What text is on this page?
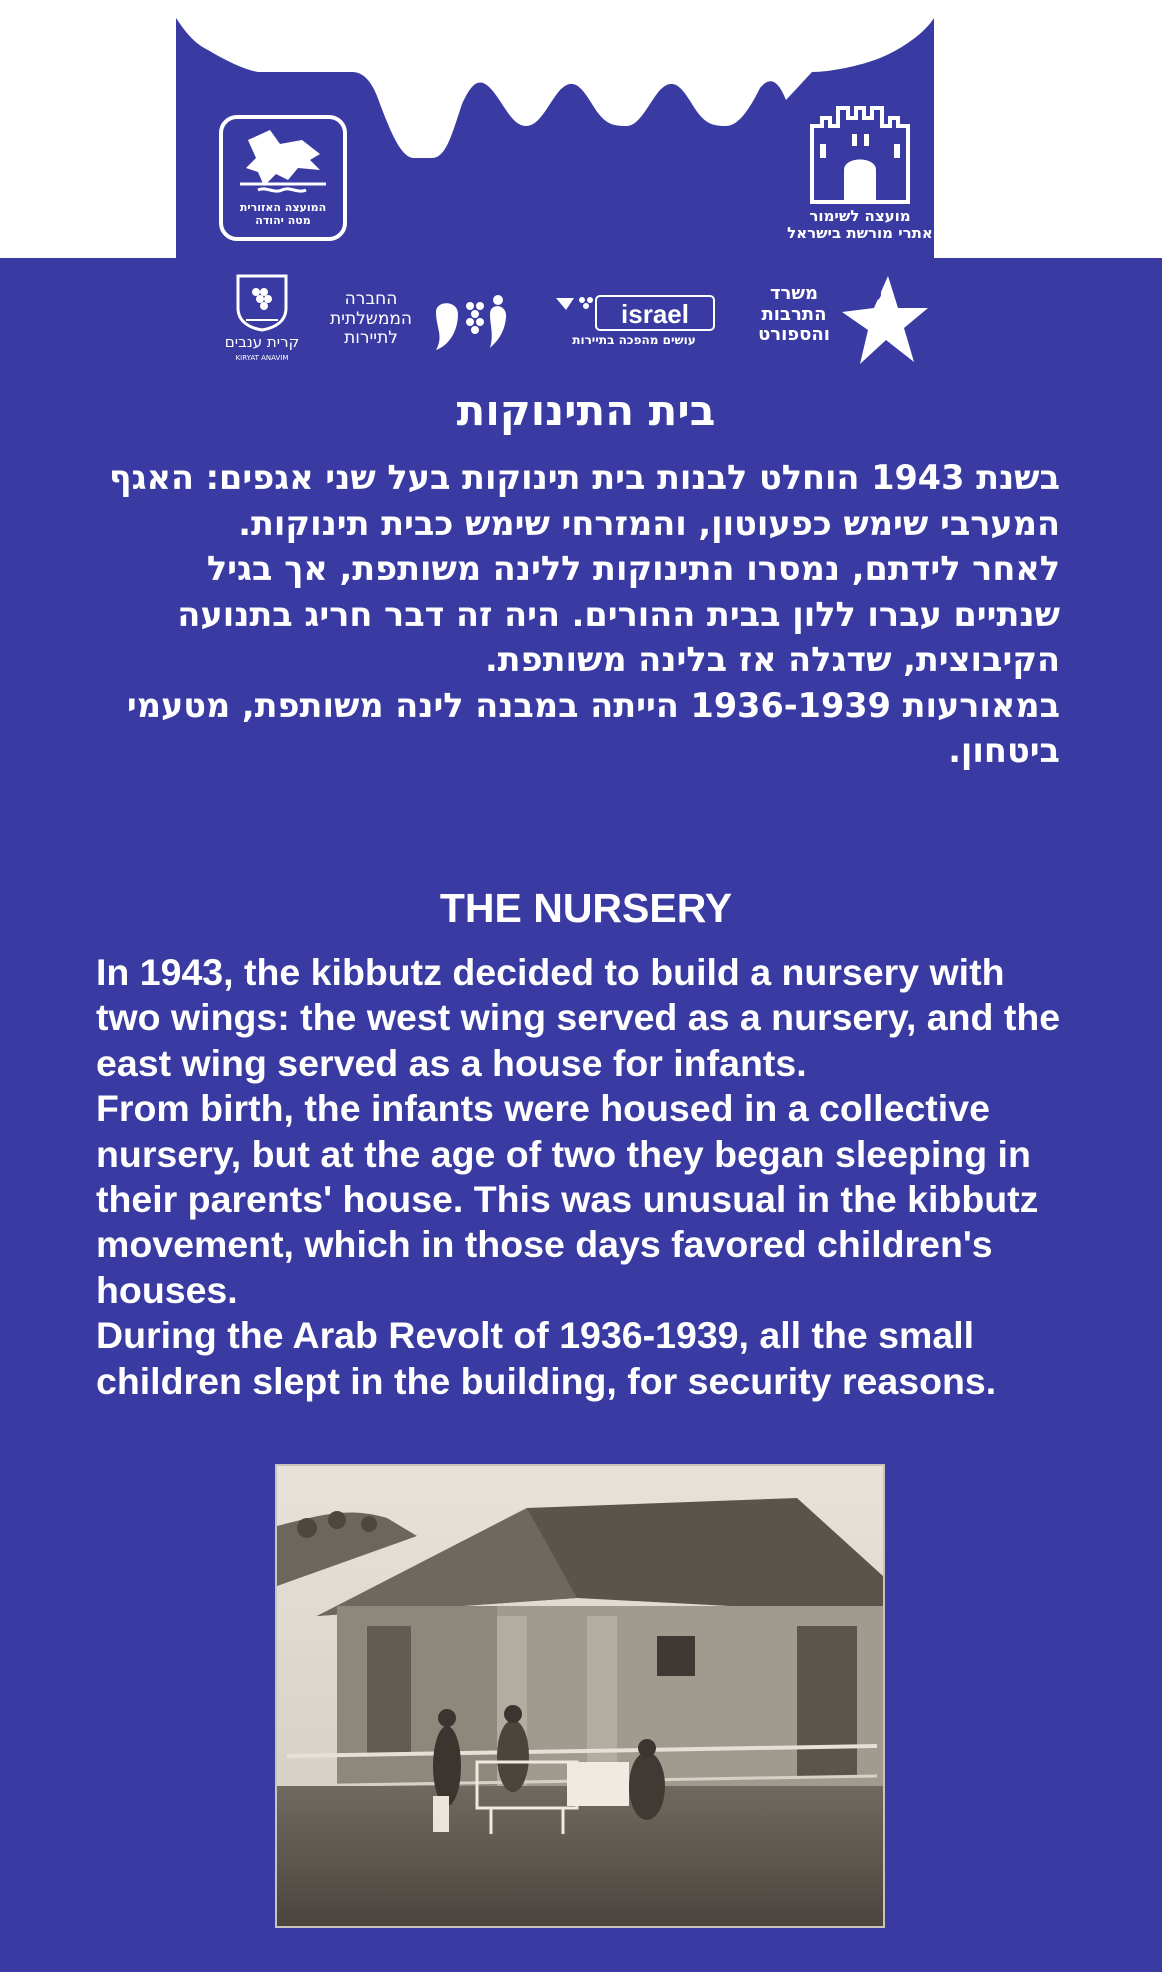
המועצה האזורית
מטה יהודה	מועצה לשימור
אתרי מורשת בישראל
קרית ענבים
KIRYAT ANAVIM
החברה
הממשלתית
לתיירות
israel
עושים מהפכה בתיירות
משרד
התרבות
והספורט
בית התינוקות

בשנת 1943 הוחלט לבנות בית תינוקות בעל שני אגפים: האגף המערבי שימש כפעוטון, והמזרחי שימש כבית תינוקות.

לאחר לידתם, נמסרו התינוקות ללינה משותפת, אך בגיל שנתיים עברו ללון בבית ההורים. היה זה דבר חריג בתנועה הקיבוצית, שדגלה אז בלינה משותפת.

במאורעות 1936-1939 הייתה במבנה לינה משותפת, מטעמי ביטחון.

THE NURSERY

In 1943, the kibbutz decided to build a nursery with two wings: the west wing served as a nursery, and the east wing served as a house for infants.

From birth, the infants were housed in a collective nursery, but at the age of two they began sleeping in their parents' house. This was unusual in the kibbutz movement, which in those days favored children's houses.

During the Arab Revolt of 1936-1939, all the small children slept in the building, for security reasons.
